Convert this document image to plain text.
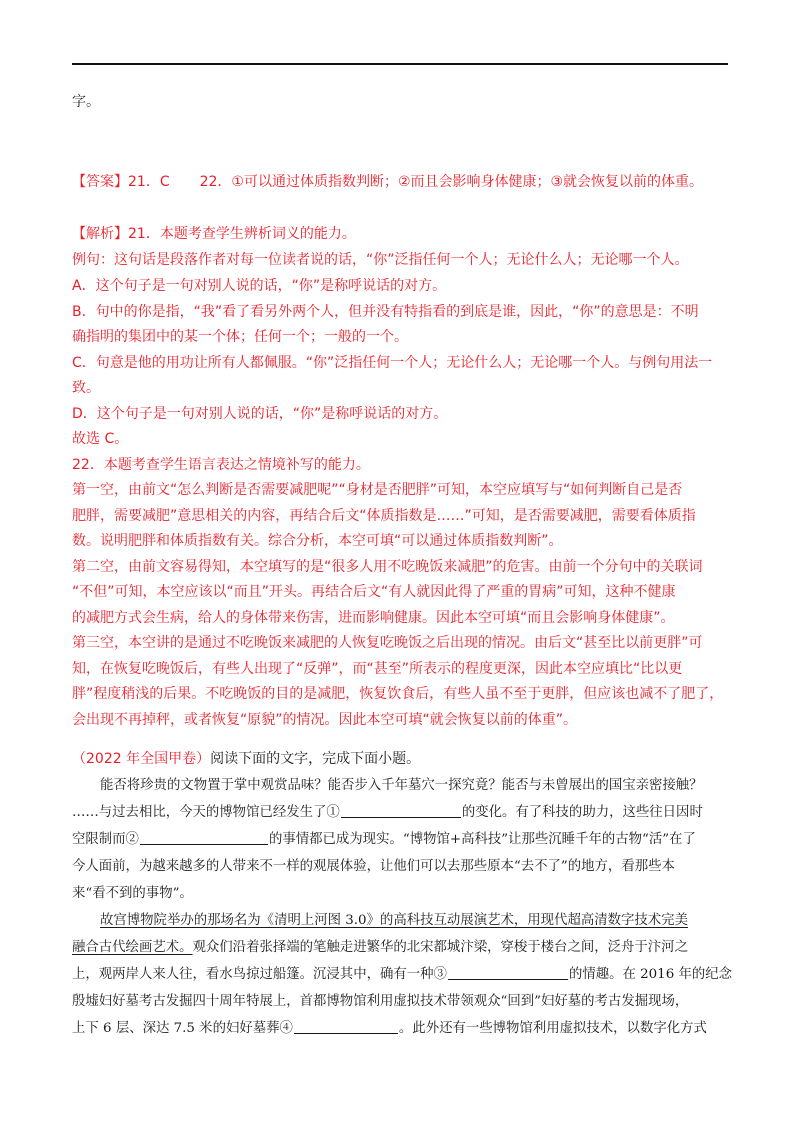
字。
【答案】21．C 22．①可以通过体质指数判断；②而且会影响身体健康；③就会恢复以前的体重。
【解析】21．本题考查学生辨析词义的能力。
例句：这句话是段落作者对每一位读者说的话，“你”泛指任何一个人；无论什么人；无论哪一个人。
A．这个句子是一句对别人说的话，“你”是称呼说话的对方。
B．句中的你是指，“我”看了看另外两个人，但并没有特指看的到底是谁，因此，“你”的意思是：不明
确指明的集团中的某一个体；任何一个；一般的一个。
C．句意是他的用功让所有人都佩服。“你”泛指任何一个人；无论什么人；无论哪一个人。与例句用法一
致。
D．这个句子是一句对别人说的话，“你”是称呼说话的对方。
故选 C。
22．本题考查学生语言表达之情境补写的能力。
第一空，由前文“怎么判断是否需要减肥呢”“身材是否肥胖”可知，本空应填写与“如何判断自己是否
肥胖，需要减肥”意思相关的内容，再结合后文“体质指数是……”可知，是否需要减肥，需要看体质指
数。说明肥胖和体质指数有关。综合分析，本空可填“可以通过体质指数判断”。
第二空，由前文容易得知，本空填写的是“很多人用不吃晚饭来减肥”的危害。由前一个分句中的关联词
“不但”可知，本空应该以“而且”开头。再结合后文“有人就因此得了严重的胃病”可知，这种不健康
的减肥方式会生病，给人的身体带来伤害，进而影响健康。因此本空可填“而且会影响身体健康”。
第三空，本空讲的是通过不吃晚饭来减肥的人恢复吃晚饭之后出现的情况。由后文“甚至比以前更胖”可
知，在恢复吃晚饭后，有些人出现了“反弹”，而“甚至”所表示的程度更深，因此本空应填比“比以更
胖”程度稍浅的后果。不吃晚饭的目的是减肥，恢复饮食后，有些人虽不至于更胖，但应该也减不了肥了，
会出现不再掉秤，或者恢复“原貌”的情况。因此本空可填“就会恢复以前的体重”。
（2022 年全国甲卷）阅读下面的文字，完成下面小题。
能否将珍贵的文物置于掌中观赏品味？能否步入千年墓穴一探究竟？能否与未曾展出的国宝亲密接触？
……与过去相比，今天的博物馆已经发生了①	的变化。有了科技的助力，这些往日因时
空限制而②	的事情都已成为现实。“博物馆+高科技”让那些沉睡千年的古物“活”在了
今人面前，为越来越多的人带来不一样的观展体验，让他们可以去那些原本“去不了”的地方，看那些本
来“看不到的事物”。
故宫博物院举办的那场名为《清明上河图 3.0》的高科技互动展演艺术，用现代超高清数字技术完美
融合古代绘画艺术。观众们沿着张择端的笔触走进繁华的北宋都城汴梁，穿梭于楼台之间，泛舟于汴河之
上，观两岸人来人往，看水鸟掠过船篷。沉浸其中，确有一种③	的情趣。在 2016 年的纪念
殷墟妇好墓考古发掘四十周年特展上，首都博物馆利用虚拟技术带领观众“回到”妇好墓的考古发掘现场，
上下 6 层、深达 7.5 米的妇好墓葬④	。此外还有一些博物馆利用虚拟技术，以数字化方式
